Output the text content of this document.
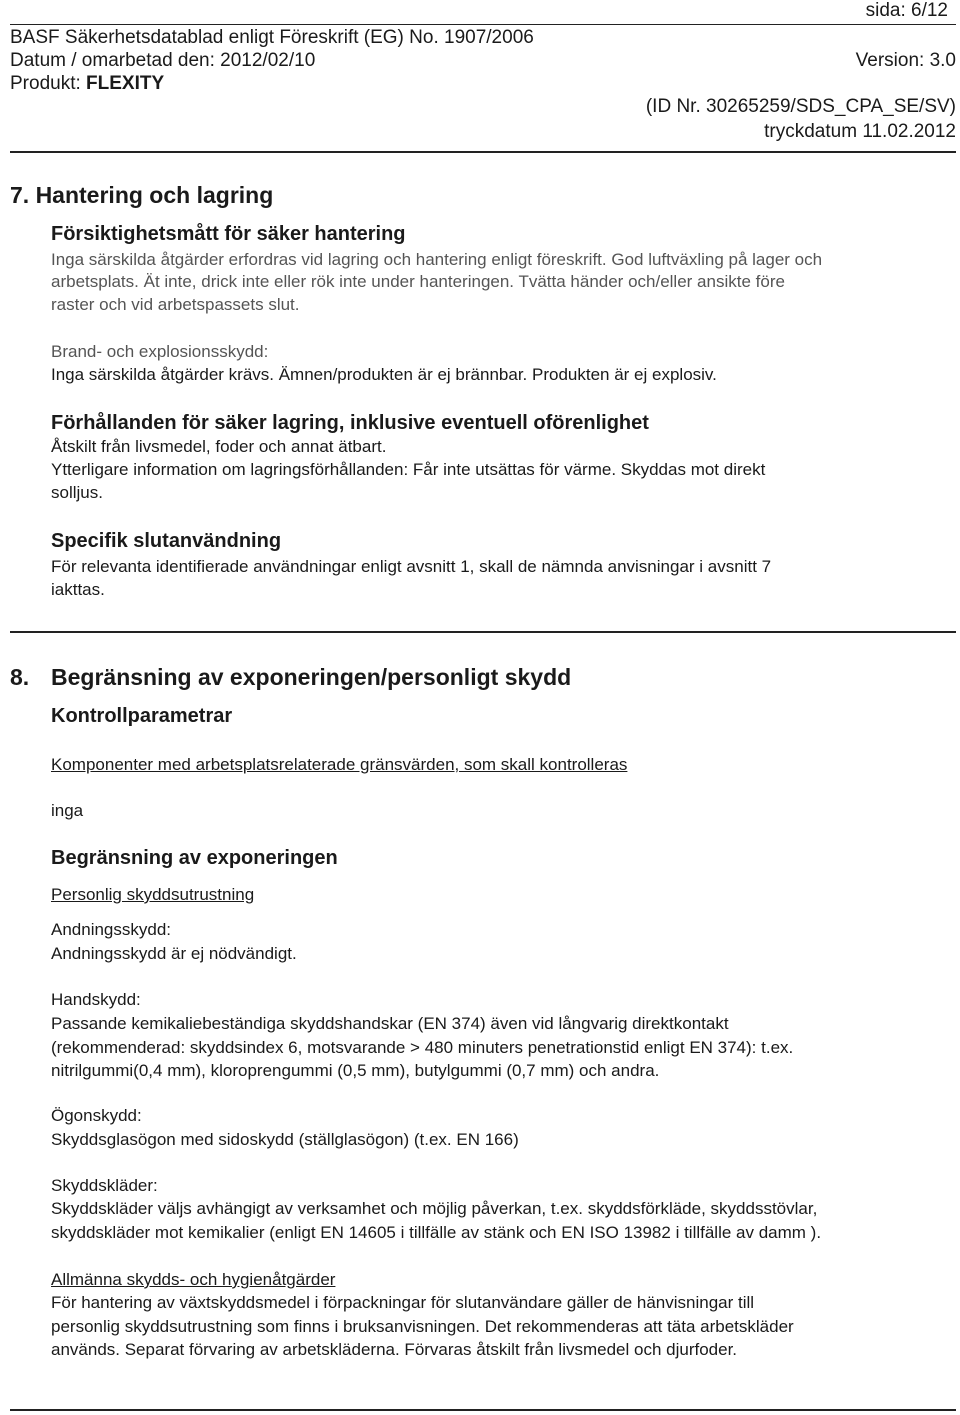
sida: 6/12
BASF Säkerhetsdatablad enligt Föreskrift (EG) No. 1907/2006
Datum / omarbetad den: 2012/02/10	Version: 3.0
Produkt: FLEXITY
(ID Nr. 30265259/SDS_CPA_SE/SV)
tryckdatum 11.02.2012
7. Hantering och lagring
Försiktighetsmått för säker hantering
Inga särskilda åtgärder erfordras vid lagring och hantering enligt föreskrift. God luftväxling på lager och
arbetsplats. Ät inte, drick inte eller rök inte under hanteringen. Tvätta händer och/eller ansikte före
raster och vid arbetspassets slut.
Brand- och explosionsskydd:
Inga särskilda åtgärder krävs. Ämnen/produkten är ej brännbar. Produkten är ej explosiv.
Förhållanden för säker lagring, inklusive eventuell oförenlighet
Åtskilt från livsmedel, foder och annat ätbart.
Ytterligare information om lagringsförhållanden: Får inte utsättas för värme. Skyddas mot direkt
solljus.
Specifik slutanvändning
För relevanta identifierade användningar enligt avsnitt 1, skall de nämnda anvisningar i avsnitt 7
iakttas.
8. Begränsning av exponeringen/personligt skydd
Kontrollparametrar
Komponenter med arbetsplatsrelaterade gränsvärden, som skall kontrolleras
inga
Begränsning av exponeringen
Personlig skyddsutrustning
Andningsskydd:
Andningsskydd är ej nödvändigt.
Handskydd:
Passande kemikaliebeständiga skyddshandskar (EN 374) även vid långvarig direktkontakt
(rekommenderad: skyddsindex 6, motsvarande > 480 minuters penetrationstid enligt EN 374): t.ex.
nitrilgummi(0,4 mm), kloroprengummi (0,5 mm), butylgummi (0,7 mm) och andra.
Ögonskydd:
Skyddsglasögon med sidoskydd (ställglasögon) (t.ex. EN 166)
Skyddskläder:
Skyddskläder väljs avhängigt av verksamhet och möjlig påverkan, t.ex. skyddsförkläde, skyddsstövlar,
skyddskläder mot kemikalier (enligt EN 14605 i tillfälle av stänk och EN ISO 13982 i tillfälle av damm ).
Allmänna skydds- och hygienåtgärder
För hantering av växtskyddsmedel i förpackningar för slutanvändare gäller de hänvisningar till
personlig skyddsutrustning som finns i bruksanvisningen. Det rekommenderas att täta arbetskläder
används. Separat förvaring av arbetskläderna. Förvaras åtskilt från livsmedel och djurfoder.
